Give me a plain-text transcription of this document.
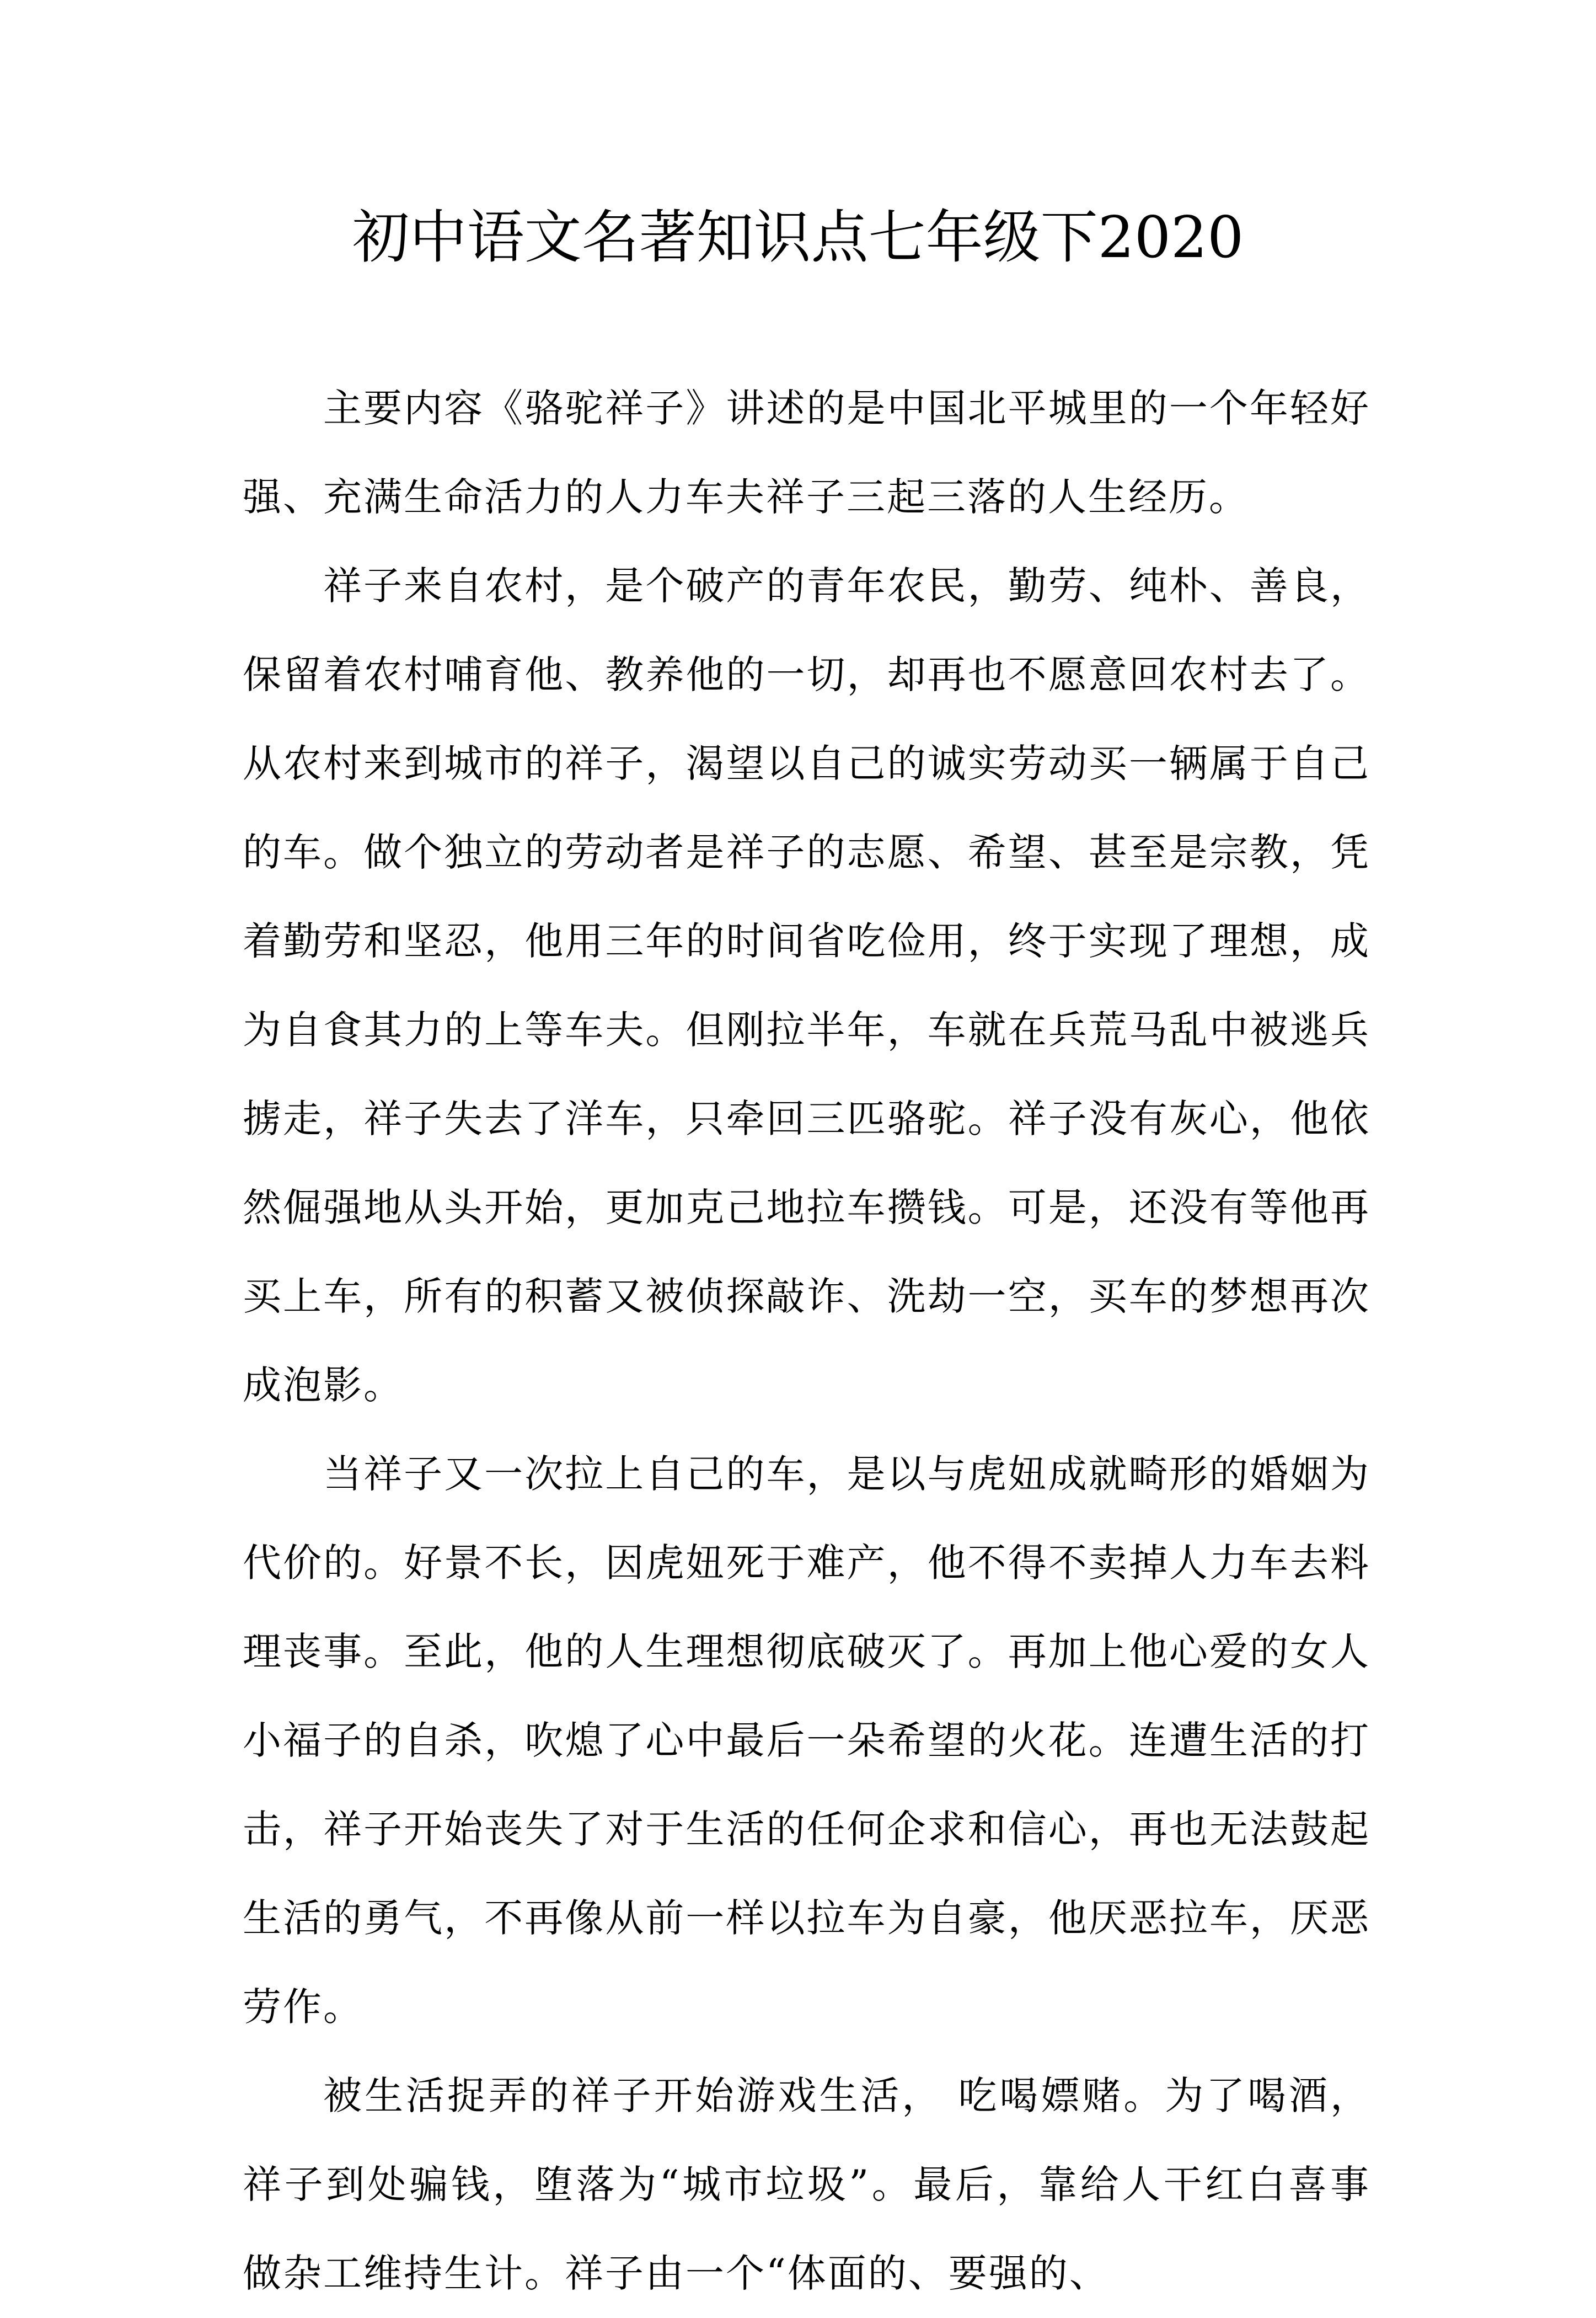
初中语文名著知识点七年级下2020

主要内容《骆驼祥子》讲述的是中国北平城里的一个年轻好强、充满生命活力的人力车夫祥子三起三落的人生经历。

祥子来自农村，是个破产的青年农民，勤劳、纯朴、善良，保留着农村哺育他、教养他的一切，却再也不愿意回农村去了。从农村来到城市的祥子，渴望以自己的诚实劳动买一辆属于自己的车。做个独立的劳动者是祥子的志愿、希望、甚至是宗教，凭着勤劳和坚忍，他用三年的时间省吃俭用，终于实现了理想，成为自食其力的上等车夫。但刚拉半年，车就在兵荒马乱中被逃兵掳走，祥子失去了洋车，只牵回三匹骆驼。祥子没有灰心，他依然倔强地从头开始，更加克己地拉车攒钱。可是，还没有等他再买上车，所有的积蓄又被侦探敲诈、洗劫一空，买车的梦想再次成泡影。

当祥子又一次拉上自己的车，是以与虎妞成就畸形的婚姻为代价的。好景不长，因虎妞死于难产，他不得不卖掉人力车去料理丧事。至此，他的人生理想彻底破灭了。再加上他心爱的女人小福子的自杀，吹熄了心中最后一朵希望的火花。连遭生活的打击，祥子开始丧失了对于生活的任何企求和信心，再也无法鼓起生活的勇气，不再像从前一样以拉车为自豪，他厌恶拉车，厌恶劳作。

被生活捉弄的祥子开始游戏生活， 吃喝嫖赌。为了喝酒，祥子到处骗钱，堕落为“城市垃圾”。最后，靠给人干红白喜事做杂工维持生计。祥子由一个“体面的、要强的、
